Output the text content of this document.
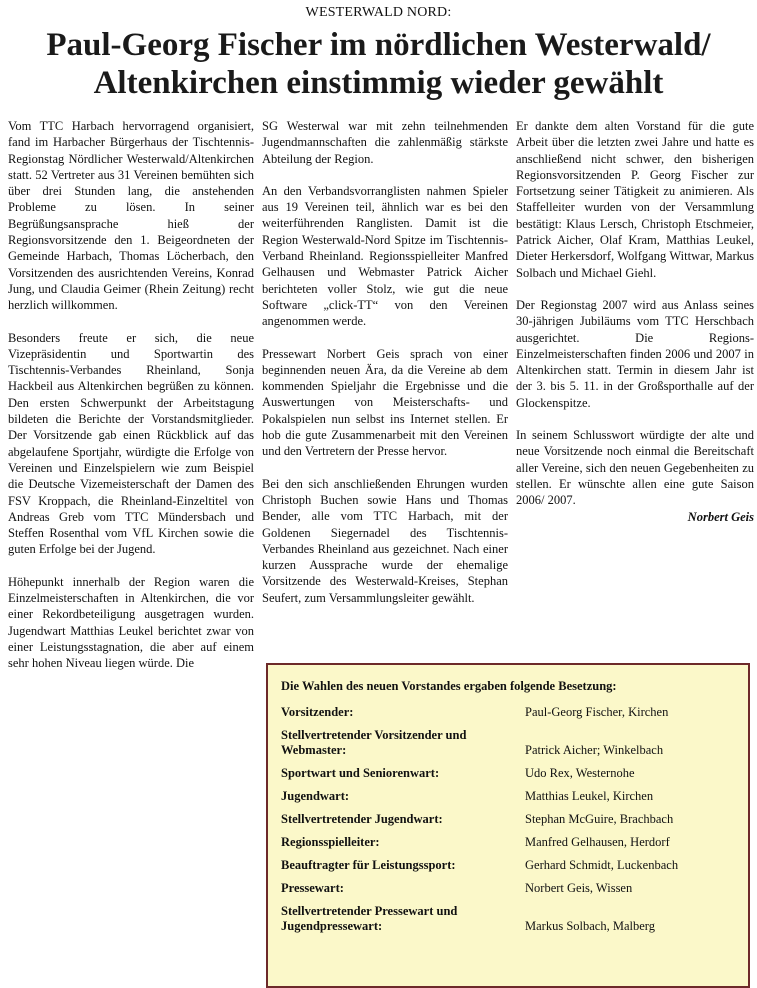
WESTERWALD NORD:
Paul-Georg Fischer im nördlichen Westerwald/
Altenkirchen einstimmig wieder gewählt

Vom TTC Harbach hervorragend organisiert, fand im Harbacher Bürgerhaus der Tischtennis- Regionstag Nördlicher Westerwald/Altenkirchen statt. 52 Vertreter aus 31 Vereinen bemühten sich über drei Stunden lang, die anstehenden Probleme zu lösen. In seiner Begrüßungsansprache hieß der Regionsvorsitzende den 1. Beigeordneten der Gemeinde Harbach, Thomas Löcherbach, den Vorsitzenden des ausrichtenden Vereins, Konrad Jung, und Claudia Geimer (Rhein Zeitung) recht herzlich willkommen.

Besonders freute er sich, die neue Vizepräsidentin und Sportwartin des Tischtennis-Verbandes Rheinland, Sonja Hackbeil aus Altenkirchen begrüßen zu können. Den ersten Schwerpunkt der Arbeitstagung bildeten die Berichte der Vorstandsmitglieder. Der Vorsitzende gab einen Rückblick auf das abgelaufene Sportjahr, würdigte die Erfolge von Vereinen und Einzelspielern wie zum Beispiel die Deutsche Vizemeisterschaft der Damen des FSV Kroppach, die Rheinland-Einzeltitel von Andreas Greb vom TTC Mündersbach und Steffen Rosenthal vom VfL Kirchen sowie die guten Erfolge bei der Jugend.

Höhepunkt innerhalb der Region waren die Einzelmeisterschaften in Altenkirchen, die vor einer Rekordbeteiligung ausgetragen wurden. Jugendwart Matthias Leukel berichtet zwar von einer Leistungsstagnation, die aber auf einem sehr hohen Niveau liegen würde. Die

SG Westerwal war mit zehn teilnehmenden Jugendmannschaften die zahlenmäßig stärkste Abteilung der Region.

An den Verbandsvorranglisten nahmen Spieler aus 19 Vereinen teil, ähnlich war es bei den weiterführenden Ranglisten. Damit ist die Region Westerwald-Nord Spitze im Tischtennis-Verband Rheinland. Regionsspielleiter Manfred Gelhausen und Webmaster Patrick Aicher berichteten voller Stolz, wie gut die neue Software „click-TT“ von den Vereinen angenommen werde.

Pressewart Norbert Geis sprach von einer beginnenden neuen Ära, da die Vereine ab dem kommenden Spieljahr die Ergebnisse und die Auswertungen von Meisterschafts- und Pokalspielen nun selbst ins Internet stellen. Er hob die gute Zusammenarbeit mit den Vereinen und den Vertretern der Presse hervor.

Bei den sich anschließenden Ehrungen wurden Christoph Buchen sowie Hans und Thomas Bender, alle vom TTC Harbach, mit der Goldenen Siegernadel des Tischtennis-Verbandes Rheinland aus gezeichnet. Nach einer kurzen Aussprache wurde der ehemalige Vorsitzende des Westerwald-Kreises, Stephan Seufert, zum Versammlungsleiter gewählt.

Er dankte dem alten Vorstand für die gute Arbeit über die letzten zwei Jahre und hatte es anschließend nicht schwer, den bisherigen Regionsvorsitzenden P. Georg Fischer zur Fortsetzung seiner Tätigkeit zu animieren. Als Staffelleiter wurden von der Versammlung bestätigt: Klaus Lersch, Christoph Etschmeier, Patrick Aicher, Olaf Kram, Matthias Leukel, Dieter Herkersdorf, Wolfgang Wittwar, Markus Solbach und Michael Giehl.

Der Regionstag 2007 wird aus Anlass seines 30-jährigen Jubiläums vom TTC Herschbach ausgerichtet. Die Regions-Einzelmeisterschaften finden 2006 und 2007 in Altenkirchen statt. Termin in diesem Jahr ist der 3. bis 5. 11. in der Großsporthalle auf der Glockenspitze.

In seinem Schlusswort würdigte der alte und neue Vorsitzende noch einmal die Bereitschaft aller Vereine, sich den neuen Gegebenheiten zu stellen. Er wünschte allen eine gute Saison 2006/ 2007.

Norbert Geis
Die Wahlen des neuen Vorstandes ergaben folgende Besetzung:
Vorsitzender:	Paul-Georg Fischer, Kirchen
Stellvertretender Vorsitzender und Webmaster:	Patrick Aicher; Winkelbach
Sportwart und Seniorenwart:	Udo Rex, Westernohe
Jugendwart:	Matthias Leukel, Kirchen
Stellvertretender Jugendwart:	Stephan McGuire, Brachbach
Regionsspielleiter:	Manfred Gelhausen, Herdorf
Beauftragter für Leistungssport:	Gerhard Schmidt, Luckenbach
Pressewart:	Norbert Geis, Wissen
Stellvertretender Pressewart und Jugendpressewart:	Markus Solbach, Malberg
